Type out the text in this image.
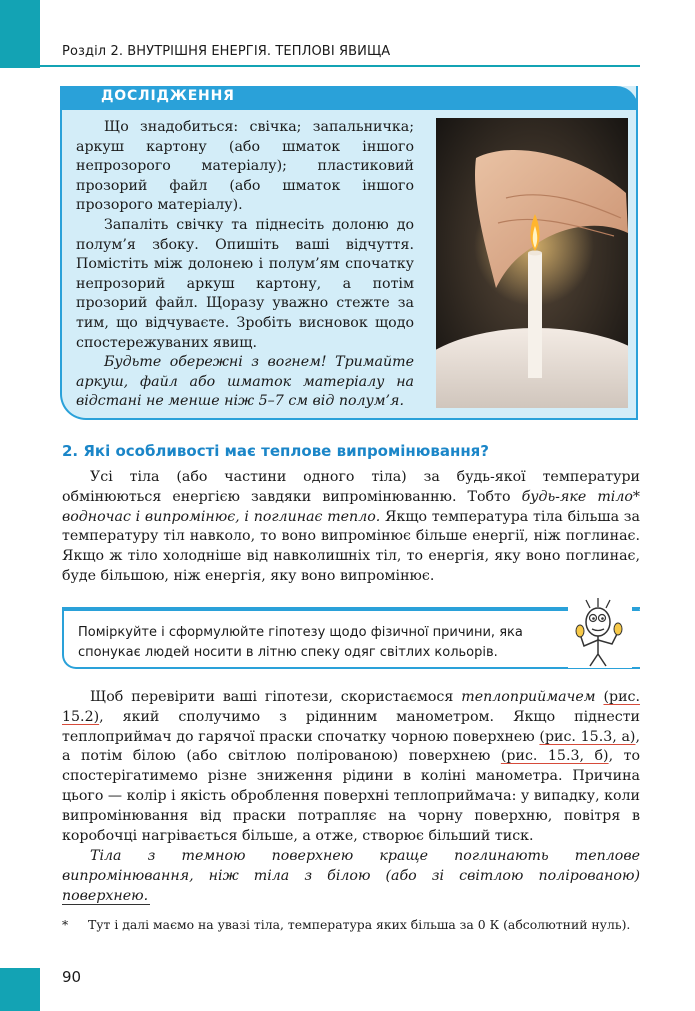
Розділ 2. ВНУТРІШНЯ ЕНЕРГІЯ. ТЕПЛОВІ ЯВИЩА
ДОСЛІДЖЕННЯ

Що знадобиться: свічка; запальничка; аркуш картону (або шматок іншого непрозорого матеріалу); пластиковий прозорий файл (або шматок іншого прозорого матеріалу).

Запаліть свічку та піднесіть долоню до полум’я збоку. Опишіть ваші відчуття. Помістіть між долонею і полум’ям спочатку непрозорий аркуш картону, а потім прозорий файл. Щоразу уважно стежте за тим, що відчуваєте. Зробіть висновок щодо спостережуваних явищ.

Будьте обережні з вогнем! Тримайте аркуш, файл або шматок матеріалу на відстані не менше ніж 5–7 см від полум’я.

2. Які особливості має теплове випромінювання?

Усі тіла (або частини одного тіла) за будь-якої температури обмінюються енергією завдяки випромінюванню. Тобто будь-яке тіло* водночас і випромінює, і поглинає тепло. Якщо температура тіла більша за температуру тіл навколо, то воно випромінює більше енергії, ніж поглинає. Якщо ж тіло холодніше від навколишніх тіл, то енергія, яку воно поглинає, буде більшою, ніж енергія, яку воно випромінює.

Поміркуйте і сформулюйте гіпотезу щодо фізичної причини, яка спонукає людей носити в літню спеку одяг світлих кольорів.

Щоб перевірити ваші гіпотези, скористаємося теплоприймачем (рис. 15.2), який сполучимо з рідинним манометром. Якщо піднести теплоприймач до гарячої праски спочатку чорною поверхнею (рис. 15.3, а), а потім білою (або світлою полірованою) поверхнею (рис. 15.3, б), то спостерігатимемо різне зниження рідини в коліні манометра. Причина цього — колір і якість оброблення поверхні теплоприймача: у випадку, коли випромінювання від праски потрапляє на чорну поверхню, повітря в коробочці нагрівається більше, а отже, створює більший тиск.

Тіла з темною поверхнею краще поглинають теплове випромінювання, ніж тіла з білою (або зі світлою полірованою) поверхнею.

*	Тут і далі маємо на увазі тіла, температура яких більша за 0 К (абсолютний нуль).
90
